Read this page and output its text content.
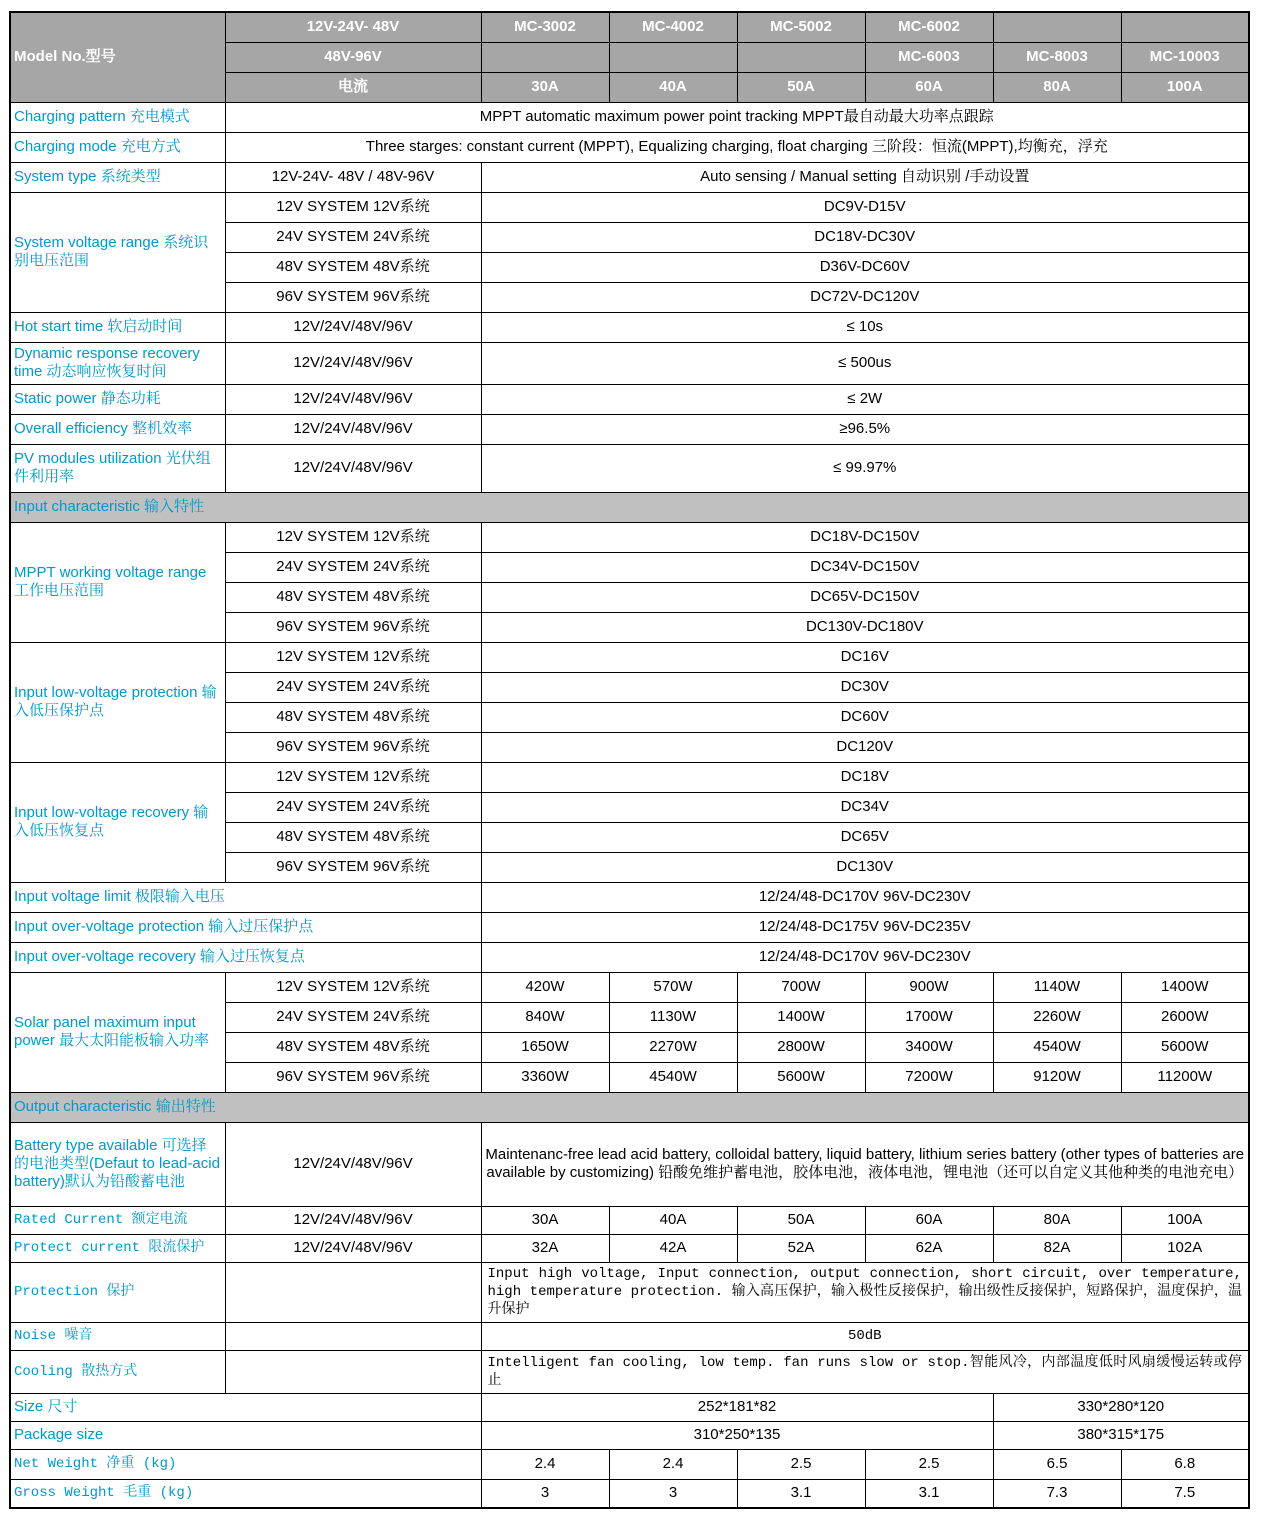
Model No.型号	12V-24V- 48V	MC-3002	MC-4002	MC-5002	MC-6002		
	48V-96V				MC-6003	MC-8003	MC-10003
	电流	30A	40A	50A	60A	80A	100A
Charging pattern 充电模式	MPPT automatic maximum power point tracking MPPT最自动最大功率点跟踪						
Charging mode 充电方式	Three starges: constant current (MPPT), Equalizing charging, float charging 三阶段：恒流(MPPT),均衡充，浮充						
System type 系统类型	12V-24V- 48V / 48V-96V	Auto sensing / Manual setting 自动识别 /手动设置					
System voltage range 系统识别电压范围	12V SYSTEM 12V系统	DC9V-D15V					
	24V SYSTEM 24V系统	DC18V-DC30V					
	48V SYSTEM 48V系统	D36V-DC60V					
	96V SYSTEM 96V系统	DC72V-DC120V					
Hot start time 软启动时间	12V/24V/48V/96V	≤ 10s					
Dynamic response recovery time 动态响应恢复时间	12V/24V/48V/96V	≤ 500us					
Static power 静态功耗	12V/24V/48V/96V	≤ 2W					
Overall efficiency 整机效率	12V/24V/48V/96V	≥96.5%					
PV modules utilization 光伏组件利用率	12V/24V/48V/96V	≤ 99.97%					
Input characteristic 输入特性							
MPPT working voltage range 工作电压范围	12V SYSTEM 12V系统	DC18V-DC150V					
	24V SYSTEM 24V系统	DC34V-DC150V					
	48V SYSTEM 48V系统	DC65V-DC150V					
	96V SYSTEM 96V系统	DC130V-DC180V					
Input low-voltage protection 输入低压保护点	12V SYSTEM 12V系统	DC16V					
	24V SYSTEM 24V系统	DC30V					
	48V SYSTEM 48V系统	DC60V					
	96V SYSTEM 96V系统	DC120V					
Input low-voltage recovery 输入低压恢复点	12V SYSTEM 12V系统	DC18V					
	24V SYSTEM 24V系统	DC34V					
	48V SYSTEM 48V系统	DC65V					
	96V SYSTEM 96V系统	DC130V					
Input voltage limit 极限输入电压		12/24/48-DC170V 96V-DC230V					
Input over-voltage protection 输入过压保护点		12/24/48-DC175V 96V-DC235V					
Input over-voltage recovery 输入过压恢复点		12/24/48-DC170V 96V-DC230V					
Solar panel maximum input power 最大太阳能板输入功率	12V SYSTEM 12V系统	420W	570W	700W	900W	1140W	1400W
	24V SYSTEM 24V系统	840W	1130W	1400W	1700W	2260W	2600W
	48V SYSTEM 48V系统	1650W	2270W	2800W	3400W	4540W	5600W
	96V SYSTEM 96V系统	3360W	4540W	5600W	7200W	9120W	11200W
Output characteristic 输出特性							
Battery type available 可选择的电池类型(Defaut to lead-acid battery)默认为铅酸蓄电池	12V/24V/48V/96V	Maintenanc-free lead acid battery, colloidal battery, liquid battery, lithium series battery (other types of batteries are available by customizing) 铅酸免维护蓄电池，胶体电池，液体电池，锂电池（还可以自定义其他种类的电池充电）					
Rated Current 额定电流	12V/24V/48V/96V	30A	40A	50A	60A	80A	100A
Protect current 限流保护	12V/24V/48V/96V	32A	42A	52A	62A	82A	102A
Protection 保护		Input high voltage, Input connection, output connection, short circuit, over temperature, high temperature protection. 输入高压保护，输入极性反接保护，输出级性反接保护，短路保护，温度保护，温升保护					
Noise 噪音		50dB					
Cooling 散热方式		Intelligent fan cooling, low temp. fan runs slow or stop.智能风冷，内部温度低时风扇缓慢运转或停止					
Size 尺寸		252*181*82				330*280*120	
Package size		310*250*135				380*315*175	
Net Weight 净重 (kg)		2.4	2.4	2.5	2.5	6.5	6.8
Gross Weight 毛重 (kg)		3	3	3.1	3.1	7.3	7.5
